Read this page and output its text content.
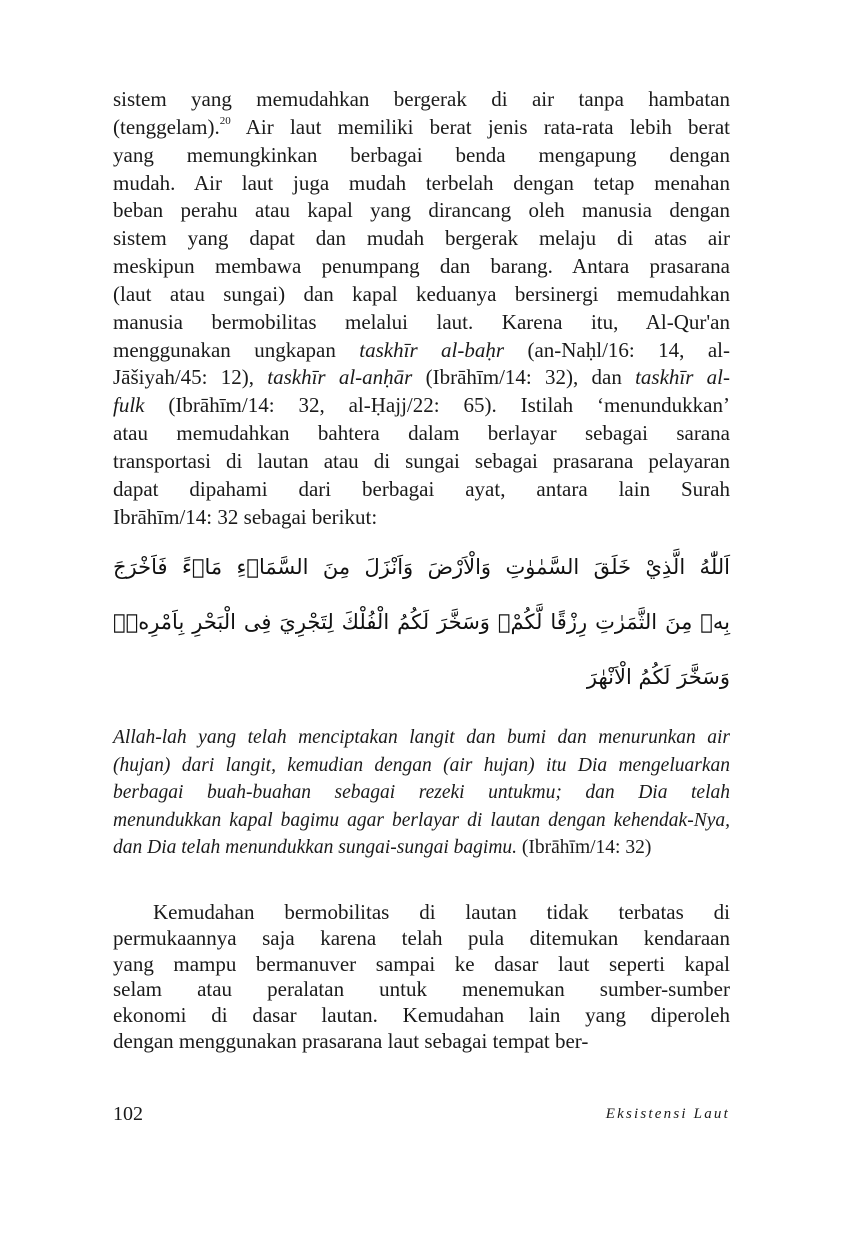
sistem yang memudahkan bergerak di air tanpa hambatan
(tenggelam).$^{20}$ Air laut memiliki berat jenis rata-rata lebih berat
yang memungkinkan berbagai benda mengapung dengan
mudah. Air laut juga mudah terbelah dengan tetap menahan
beban perahu atau kapal yang dirancang oleh manusia dengan
sistem yang dapat dan mudah bergerak melaju di atas air
meskipun membawa penumpang dan barang. Antara prasarana
(laut atau sungai) dan kapal keduanya bersinergi memudahkan
manusia bermobilitas melalui laut. Karena itu, Al-Qur'an
menggunakan ungkapan taskhīr al-baḥr (an-Naḥl/16: 14, al-
Jāšiyah/45: 12), taskhīr al-anḥār (Ibrāhīm/14: 32), dan taskhīr al-
fulk (Ibrāhīm/14: 32, al-Ḥajj/22: 65). Istilah ‘menundukkan’
atau memudahkan bahtera dalam berlayar sebagai sarana
transportasi di lautan atau di sungai sebagai prasarana pelayaran
dapat dipahami dari berbagai ayat, antara lain Surah
Ibrāhīm/14: 32 sebagai berikut:
اَللّٰهُ الَّذِيْ خَلَقَ السَّمٰوٰتِ وَالْاَرْضَ وَاَنْزَلَ مِنَ السَّمَاۤءِ مَاۤءً فَاَخْرَجَ
بِهٖ مِنَ الثَّمَرٰتِ رِزْقًا لَّكُمْۚ وَسَخَّرَ لَكُمُ الْفُلْكَ لِتَجْرِيَ فِى الْبَحْرِ بِاَمْرِهٖۚ
وَسَخَّرَ لَكُمُ الْاَنْهٰرَ
Allah-lah yang telah menciptakan langit dan bumi dan menurunkan air
(hujan) dari langit, kemudian dengan (air hujan) itu Dia mengeluarkan
berbagai buah-buahan sebagai rezeki untukmu; dan Dia telah
menundukkan kapal bagimu agar berlayar di lautan dengan kehendak-Nya,
dan Dia telah menundukkan sungai-sungai bagimu. (Ibrāhīm/14: 32)
Kemudahan bermobilitas di lautan tidak terbatas di
permukaannya saja karena telah pula ditemukan kendaraan
yang mampu bermanuver sampai ke dasar laut seperti kapal
selam atau peralatan untuk menemukan sumber-sumber
ekonomi di dasar lautan. Kemudahan lain yang diperoleh
dengan menggunakan prasarana laut sebagai tempat ber-
102	Eksistensi Laut
